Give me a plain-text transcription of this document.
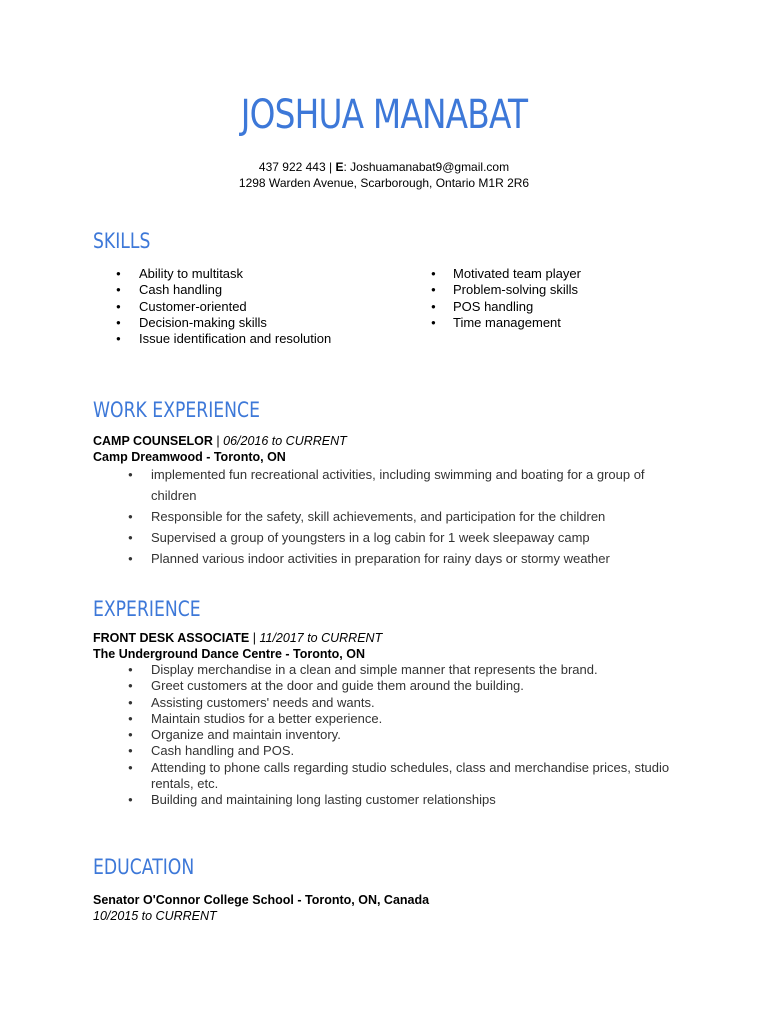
JOSHUA MANABAT
437 922 443 | E: Joshuamanabat9@gmail.com
1298 Warden Avenue, Scarborough, Ontario M1R 2R6
SKILLS
● Ability to multitask
● Cash handling
● Customer-oriented
● Decision-making skills
● Issue identification and resolution
● Motivated team player
● Problem-solving skills
● POS handling
● Time management
WORK EXPERIENCE
CAMP COUNSELOR | 06/2016 to CURRENT
Camp Dreamwood - Toronto, ON
● implemented fun recreational activities, including swimming and boating for a group of children
● Responsible for the safety, skill achievements, and participation for the children
● Supervised a group of youngsters in a log cabin for 1 week sleepaway camp
● Planned various indoor activities in preparation for rainy days or stormy weather
EXPERIENCE
FRONT DESK ASSOCIATE | 11/2017 to CURRENT
The Underground Dance Centre - Toronto, ON
● Display merchandise in a clean and simple manner that represents the brand.
● Greet customers at the door and guide them around the building.
● Assisting customers' needs and wants.
● Maintain studios for a better experience.
● Organize and maintain inventory.
● Cash handling and POS.
● Attending to phone calls regarding studio schedules, class and merchandise prices, studio rentals, etc.
● Building and maintaining long lasting customer relationships
EDUCATION
Senator O'Connor College School - Toronto, ON, Canada
10/2015 to CURRENT
